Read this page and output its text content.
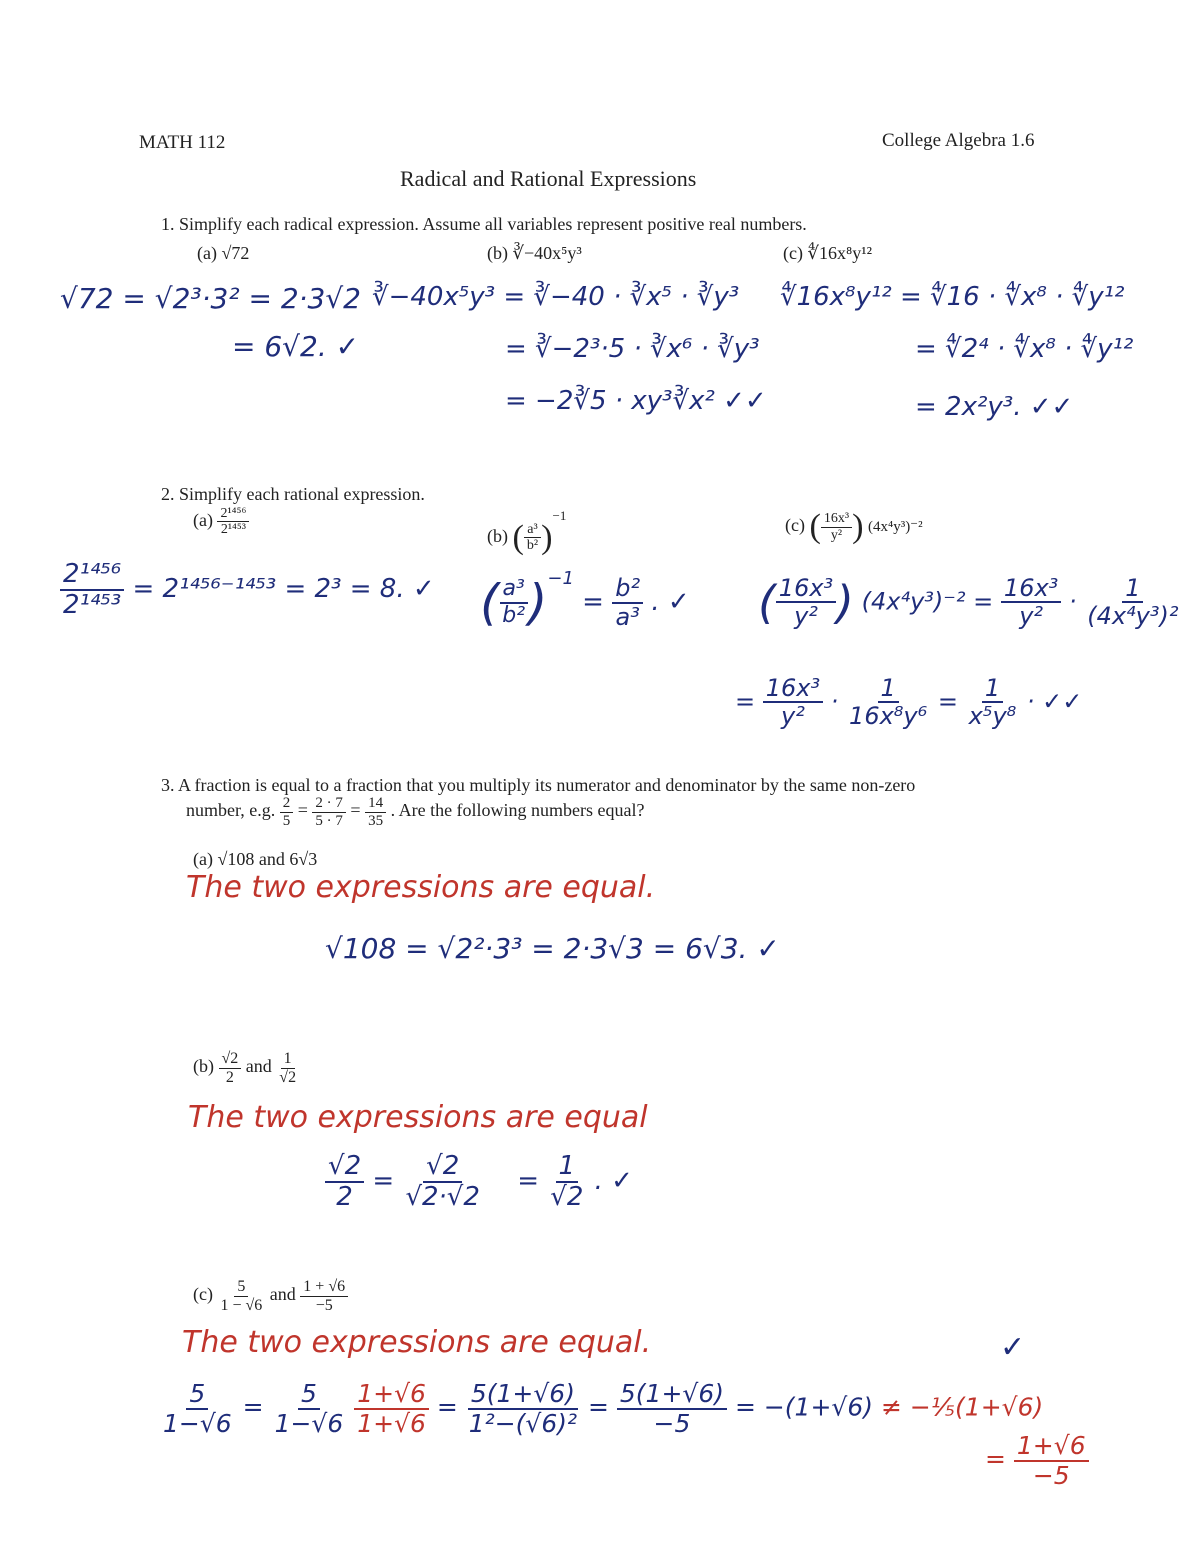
MATH 112	College Algebra 1.6
Radical and Rational Expressions
1. Simplify each radical expression. Assume all variables represent positive real numbers.
(a) √72	(b) ∛−40x⁵y³	(c) ∜16x⁸y¹²
√72 = √2³·3² = 2·3√2
= 6√2. ✓
∛−40x⁵y³ = ∛−40 · ∛x⁵ · ∛y³
= ∛−2³·5 · ∛x⁶ · ∛y³
= −2∛5 · xy³∛x² ✓✓
∜16x⁸y¹² = ∜16 · ∜x⁸ · ∜y¹²
= ∜2⁴ · ∜x⁸ · ∜y¹²
= 2x²y³. ✓✓
2. Simplify each rational expression.
$(a) \frac{\text{2¹⁴⁵⁶}}{\text{2¹⁴⁵³}}$	(b) ( $\frac{\text{a³}}{\text{b²}} )^{-1}$	(c) ( $\frac{\text{16x³}}{\text{y²}}$ ) (4x⁴y³)⁻²
$\frac{\text{2¹⁴⁵⁶}}{\text{2¹⁴⁵³}} = 2^{1456-1453} = 2^3 = 8$. ✓ ( $\frac{\text{a³}}{\text{b²}} )^{-1} = \frac{\text{b²}}{\text{a³}}$ . ✓ ( $\frac{\text{16x³}}{\text{y²}}$ ) $(4x^4y^3)^{-2} = \frac{\text{16x³}}{\text{y²}} \cdot \frac{1}{\text{(4x⁴y³)²}}$
= $\frac{\text{16x³}}{\text{y²}} \cdot \frac{1}{\text{16x⁸y⁶}} = \frac{1}{\text{x⁵y⁸}}$ · ✓✓
3. A fraction is equal to a fraction that you multiply its numerator and denominator by the same non-zero
number, e.g. $\frac{2}{5} = \frac{2 \cdot 7}{5 \cdot 7} = \frac{14}{35}$ . Are the following numbers equal?
(a) √108 and 6√3
The two expressions are equal.
√108 = √2²·3³ = 2·3√3 = 6√3. ✓
$(b) \frac{√2}{2}$ and $\frac{1}{√2}$
The two expressions are equal
$\frac{√2}{2} = \frac{√2}{√2\cdot√2} = \frac{1}{√2}$ . ✓
$(c) \frac{5}{1 - √6}$ and $\frac{1 + √6}{-5}$
The two expressions are equal.	✓
$\frac{5}{1-√6} = \frac{5}{1-√6}$
$\frac{1+√6}{1+√6} = \frac{5(1+√6)}{\text{1²−(√6)²}} = \frac{5(1+√6)}{-5} = -(1+√6)$ ≠ −⅕(1+√6)
= $\frac{1+√6}{-5}$
